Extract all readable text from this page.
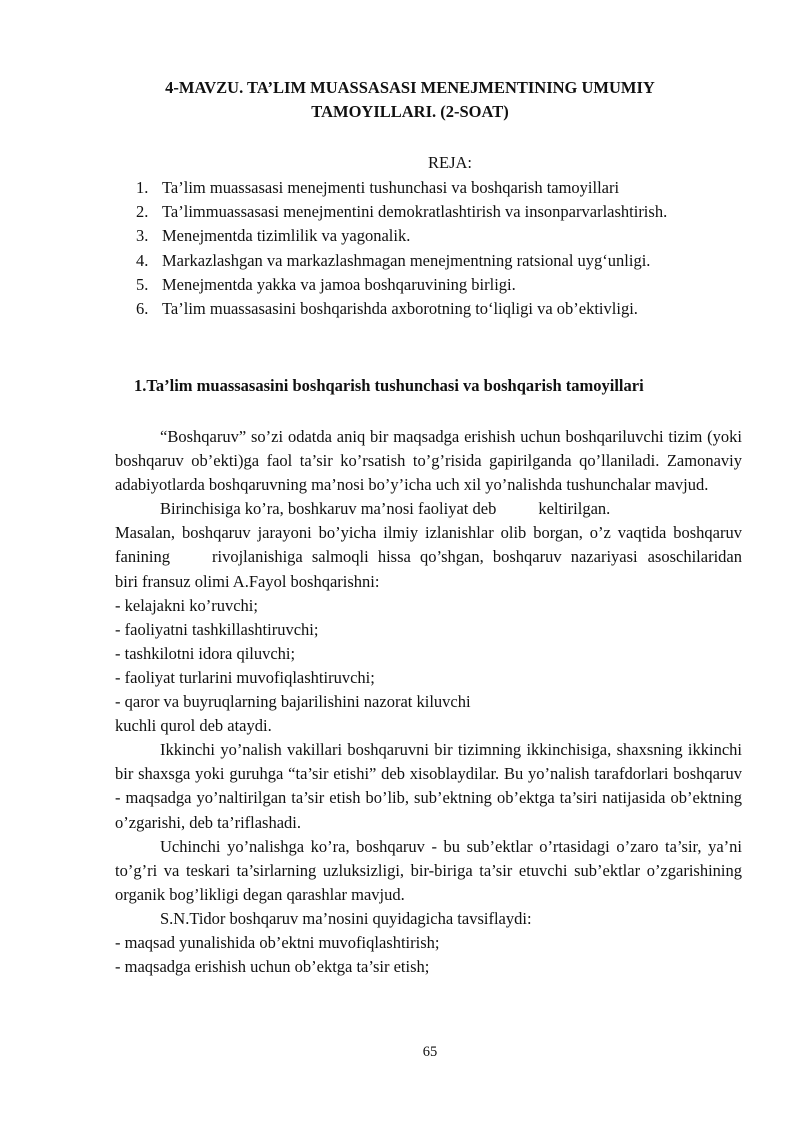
4-MAVZU. TA’LIM MUASSASASI MENEJMENTINING UMUMIY TAMOYILLARI. (2-SOAT)
REJA:
1. Ta’lim muassasasi menejmenti tushunchasi va boshqarish tamoyillari
2. Ta’limmuassasasi menejmentini demokratlashtirish va insonparvarlashtirish.
3. Menejmentda tizimlilik va yagonalik.
4. Markazlashgan va markazlashmagan menejmentning ratsional uyg‘unligi.
5. Menejmentda yakka va jamoa boshqaruvining birligi.
6. Ta’lim muassasasini boshqarishda axborotning to‘liqligi va ob’ektivligi.
1.Ta’lim muassasasini boshqarish tushunchasi va boshqarish tamoyillari

“Boshqaruv” so’zi odatda aniq bir maqsadga erishish uchun boshqariluvchi tizim (yoki boshqaruv ob’ekti)ga faol ta’sir ko’rsatish to’g’risida gapirilganda qo’llaniladi. Zamonaviy adabiyotlarda boshqaruvning ma’nosi bo’y’icha uch xil yo’nalishda tushunchalar mavjud.

Birinchisiga ko’ra, boshkaruv ma’nosi faoliyat deb	keltirilgan.

Masalan, boshqaruv jarayoni bo’yicha ilmiy izlanishlar olib borgan, o’z vaqtida boshqaruv fanining	rivojlanishiga salmoqli hissa qo’shgan, boshqaruv nazariyasi asoschilaridan biri fransuz olimi A.Fayol boshqarishni:

- kelajakni ko’ruvchi;

- faoliyatni tashkillashtiruvchi;

- tashkilotni idora qiluvchi;

- faoliyat turlarini muvofiqlashtiruvchi;

- qaror va buyruqlarning bajarilishini nazorat kiluvchi

kuchli qurol deb ataydi.

Ikkinchi yo’nalish vakillari boshqaruvni bir tizimning ikkinchisiga, shaxsning ikkinchi bir shaxsga yoki guruhga “ta’sir etishi” deb xisoblaydilar. Bu yo’nalish tarafdorlari boshqaruv - maqsadga yo’naltirilgan ta’sir etish bo’lib, sub’ektning ob’ektga ta’siri natijasida ob’ektning o’zgarishi, deb ta’riflashadi.

Uchinchi yo’nalishga ko’ra, boshqaruv - bu sub’ektlar o’rtasidagi o’zaro ta’sir, ya’ni to’g’ri va teskari ta’sirlarning uzluksizligi, bir-biriga ta’sir etuvchi sub’ektlar o’zgarishining organik bog’likligi degan qarashlar mavjud.

S.N.Tidor boshqaruv ma’nosini quyidagicha tavsiflaydi:

- maqsad yunalishida ob’ektni muvofiqlashtirish;

- maqsadga erishish uchun ob’ektga ta’sir etish;

65
